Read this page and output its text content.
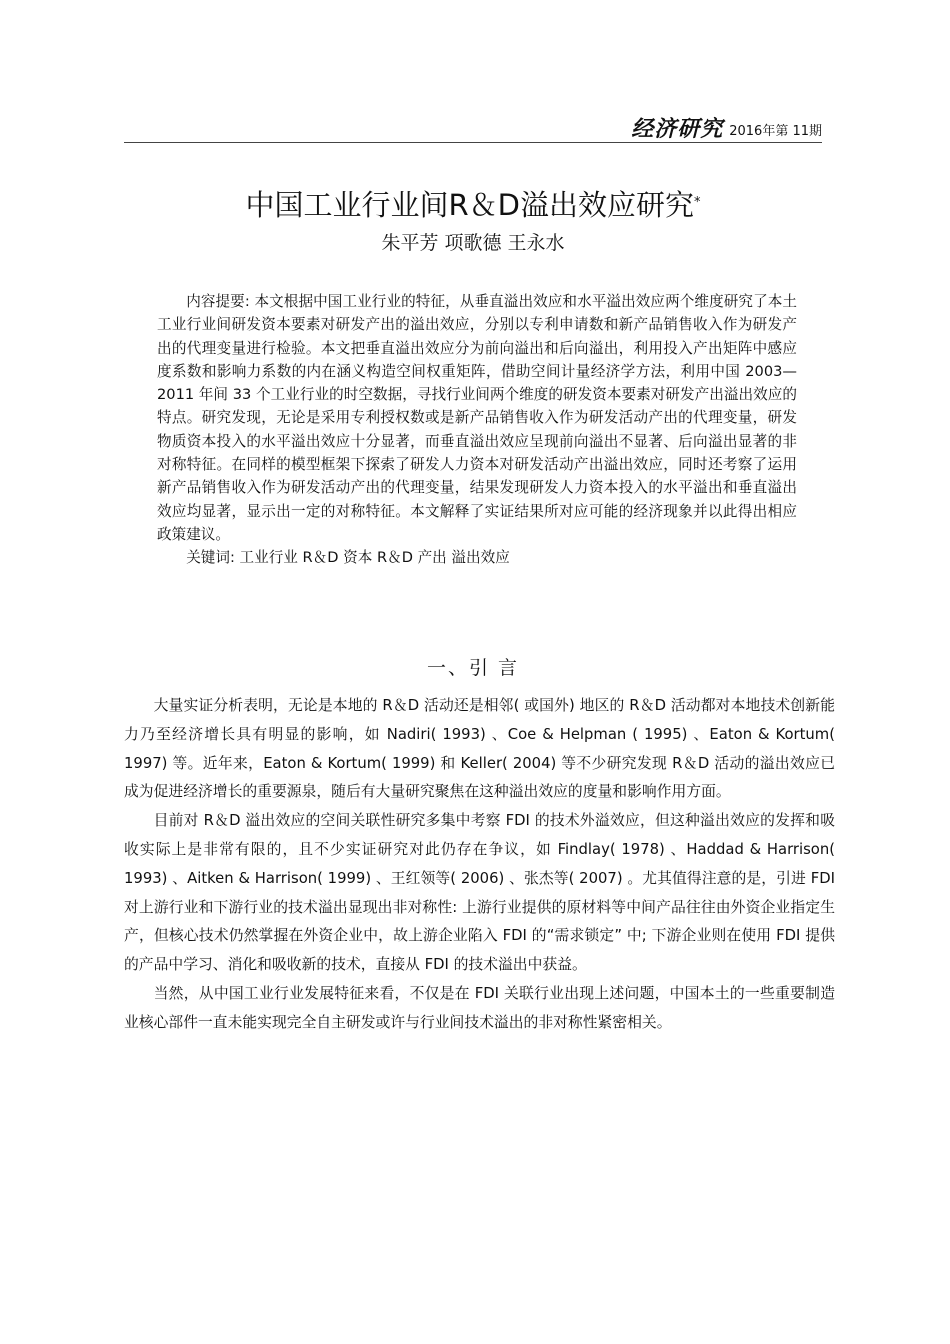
经济研究 2016年第 11期
中国工业行业间R＆D溢出效应研究*
朱平芳 项歌德 王永水

内容提要: 本文根据中国工业行业的特征，从垂直溢出效应和水平溢出效应两个维度研究了本土工业行业间研发资本要素对研发产出的溢出效应，分别以专利申请数和新产品销售收入作为研发产出的代理变量进行检验。本文把垂直溢出效应分为前向溢出和后向溢出，利用投入产出矩阵中感应度系数和影响力系数的内在涵义构造空间权重矩阵，借助空间计量经济学方法，利用中国 2003—2011 年间 33 个工业行业的时空数据，寻找行业间两个维度的研发资本要素对研发产出溢出效应的特点。研究发现，无论是采用专利授权数或是新产品销售收入作为研发活动产出的代理变量，研发物质资本投入的水平溢出效应十分显著，而垂直溢出效应呈现前向溢出不显著、后向溢出显著的非对称特征。在同样的模型框架下探索了研发人力资本对研发活动产出溢出效应，同时还考察了运用新产品销售收入作为研发活动产出的代理变量，结果发现研发人力资本投入的水平溢出和垂直溢出效应均显著，显示出一定的对称特征。本文解释了实证结果所对应可能的经济现象并以此得出相应政策建议。

关键词: 工业行业 R＆D 资本 R＆D 产出 溢出效应

一、引 言

大量实证分析表明，无论是本地的 R＆D 活动还是相邻( 或国外) 地区的 R＆D 活动都对本地技术创新能力乃至经济增长具有明显的影响，如 Nadiri( 1993) 、Coe & Helpman ( 1995) 、Eaton & Kortum( 1997) 等。近年来，Eaton & Kortum( 1999) 和 Keller( 2004) 等不少研究发现 R＆D 活动的溢出效应已成为促进经济增长的重要源泉，随后有大量研究聚焦在这种溢出效应的度量和影响作用方面。

目前对 R＆D 溢出效应的空间关联性研究多集中考察 FDI 的技术外溢效应，但这种溢出效应的发挥和吸收实际上是非常有限的，且不少实证研究对此仍存在争议，如 Findlay( 1978) 、Haddad & Harrison( 1993) 、Aitken & Harrison( 1999) 、王红领等( 2006) 、张杰等( 2007) 。尤其值得注意的是，引进 FDI 对上游行业和下游行业的技术溢出显现出非对称性: 上游行业提供的原材料等中间产品往往由外资企业指定生产，但核心技术仍然掌握在外资企业中，故上游企业陷入 FDI 的“需求锁定” 中; 下游企业则在使用 FDI 提供的产品中学习、消化和吸收新的技术，直接从 FDI 的技术溢出中获益。

当然，从中国工业行业发展特征来看，不仅是在 FDI 关联行业出现上述问题，中国本土的一些重要制造业核心部件一直未能实现完全自主研发或许与行业间技术溢出的非对称性紧密相关。
